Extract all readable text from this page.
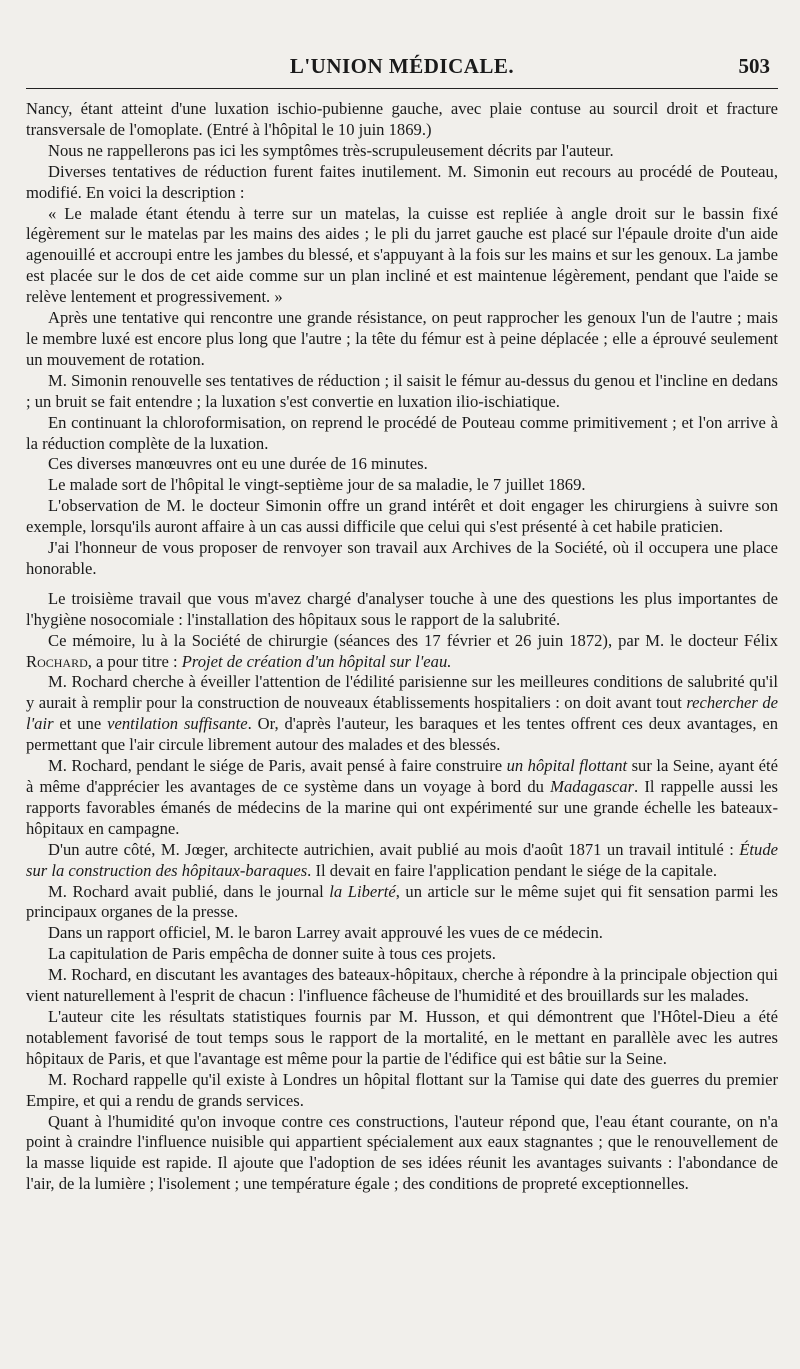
L'UNION MÉDICALE.	503

Nancy, étant atteint d'une luxation ischio-pubienne gauche, avec plaie contuse au sourcil droit et fracture transversale de l'omoplate. (Entré à l'hôpital le 10 juin 1869.)

Nous ne rappellerons pas ici les symptômes très-scrupuleusement décrits par l'auteur.

Diverses tentatives de réduction furent faites inutilement. M. Simonin eut recours au procédé de Pouteau, modifié. En voici la description :

« Le malade étant étendu à terre sur un matelas, la cuisse est repliée à angle droit sur le bassin fixé légèrement sur le matelas par les mains des aides ; le pli du jarret gauche est placé sur l'épaule droite d'un aide agenouillé et accroupi entre les jambes du blessé, et s'appuyant à la fois sur les mains et sur les genoux. La jambe est placée sur le dos de cet aide comme sur un plan incliné et est maintenue légèrement, pendant que l'aide se relève lentement et progressivement. »

Après une tentative qui rencontre une grande résistance, on peut rapprocher les genoux l'un de l'autre ; mais le membre luxé est encore plus long que l'autre ; la tête du fémur est à peine déplacée ; elle a éprouvé seulement un mouvement de rotation.

M. Simonin renouvelle ses tentatives de réduction ; il saisit le fémur au-dessus du genou et l'incline en dedans ; un bruit se fait entendre ; la luxation s'est convertie en luxation ilio-ischiatique.

En continuant la chloroformisation, on reprend le procédé de Pouteau comme primitivement ; et l'on arrive à la réduction complète de la luxation.

Ces diverses manœuvres ont eu une durée de 16 minutes.

Le malade sort de l'hôpital le vingt-septième jour de sa maladie, le 7 juillet 1869.

L'observation de M. le docteur Simonin offre un grand intérêt et doit engager les chirurgiens à suivre son exemple, lorsqu'ils auront affaire à un cas aussi difficile que celui qui s'est présenté à cet habile praticien.

J'ai l'honneur de vous proposer de renvoyer son travail aux Archives de la Société, où il occupera une place honorable.

Le troisième travail que vous m'avez chargé d'analyser touche à une des questions les plus importantes de l'hygiène nosocomiale : l'installation des hôpitaux sous le rapport de la salubrité.

Ce mémoire, lu à la Société de chirurgie (séances des 17 février et 26 juin 1872), par M. le docteur Félix Rochard, a pour titre : Projet de création d'un hôpital sur l'eau.

M. Rochard cherche à éveiller l'attention de l'édilité parisienne sur les meilleures conditions de salubrité qu'il y aurait à remplir pour la construction de nouveaux établissements hospitaliers : on doit avant tout rechercher de l'air et une ventilation suffisante. Or, d'après l'auteur, les baraques et les tentes offrent ces deux avantages, en permettant que l'air circule librement autour des malades et des blessés.

M. Rochard, pendant le siége de Paris, avait pensé à faire construire un hôpital flottant sur la Seine, ayant été à même d'apprécier les avantages de ce système dans un voyage à bord du Madagascar. Il rappelle aussi les rapports favorables émanés de médecins de la marine qui ont expérimenté sur une grande échelle les bateaux-hôpitaux en campagne.

D'un autre côté, M. Jœger, architecte autrichien, avait publié au mois d'août 1871 un travail intitulé : Étude sur la construction des hôpitaux-baraques. Il devait en faire l'application pendant le siége de la capitale.

M. Rochard avait publié, dans le journal la Liberté, un article sur le même sujet qui fit sensation parmi les principaux organes de la presse.

Dans un rapport officiel, M. le baron Larrey avait approuvé les vues de ce médecin.

La capitulation de Paris empêcha de donner suite à tous ces projets.

M. Rochard, en discutant les avantages des bateaux-hôpitaux, cherche à répondre à la principale objection qui vient naturellement à l'esprit de chacun : l'influence fâcheuse de l'humidité et des brouillards sur les malades.

L'auteur cite les résultats statistiques fournis par M. Husson, et qui démontrent que l'Hôtel-Dieu a été notablement favorisé de tout temps sous le rapport de la mortalité, en le mettant en parallèle avec les autres hôpitaux de Paris, et que l'avantage est même pour la partie de l'édifice qui est bâtie sur la Seine.

M. Rochard rappelle qu'il existe à Londres un hôpital flottant sur la Tamise qui date des guerres du premier Empire, et qui a rendu de grands services.

Quant à l'humidité qu'on invoque contre ces constructions, l'auteur répond que, l'eau étant courante, on n'a point à craindre l'influence nuisible qui appartient spécialement aux eaux stagnantes ; que le renouvellement de la masse liquide est rapide. Il ajoute que l'adoption de ses idées réunit les avantages suivants : l'abondance de l'air, de la lumière ; l'isolement ; une température égale ; des conditions de propreté exceptionnelles.
